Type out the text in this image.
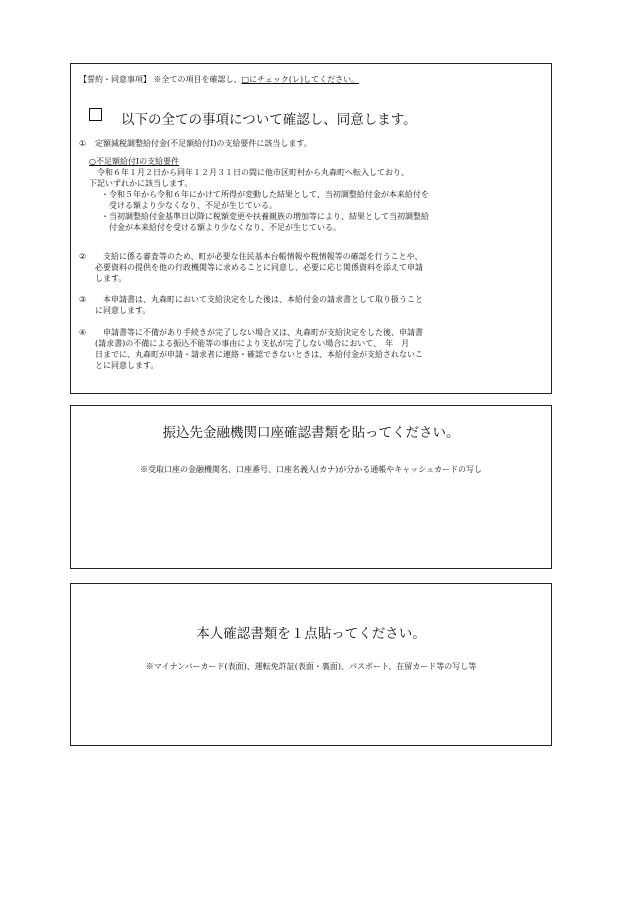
【誓約・同意事項】 ※全ての項目を確認し、□にチェック(レ)してください。
以下の全ての事項について確認し、同意します。
① 定額減税調整給付金(不足額給付Ⅰ)の支給要件に該当します。
○不足額給付Ⅰの支給要件
　令和６年１月２日から同年１２月３１日の間に他市区町村から丸森町へ転入しており、
下記いずれかに該当します。
・令和５年から令和６年にかけて所得が変動した結果として、当初調整給付金が本来給付を
　受ける額より少なくなり、不足が生じている。
・当初調整給付金基準日以降に税額変更や扶養親族の増加等により、結果として当初調整給
　付金が本来給付を受ける額より少なくなり、不足が生じている。
②　支給に係る審査等のため、町が必要な住民基本台帳情報や税情報等の確認を行うことや、
必要資料の提供を他の行政機関等に求めることに同意し、必要に応じ関係資料を添えて申請
します。
③　本申請書は、丸森町において支給決定をした後は、本給付金の請求書として取り扱うこと
に同意します。
④　申請書等に不備があり手続きが完了しない場合又は、丸森町が支給決定をした後、申請書
(請求書)の不備による振込不能等の事由により支払が完了しない場合において、　年　月
日までに、丸森町が申請・請求者に連絡・確認できないときは、本給付金が支給されないこ
とに同意します。
振込先金融機関口座確認書類を貼ってください。
※受取口座の金融機関名、口座番号、口座名義人(カナ)が分かる通帳やキャッシュカードの写し
本人確認書類を１点貼ってください。
※マイナンバーカード(表面)、運転免許証(表面・裏面)、パスポート、在留カード等の写し等
